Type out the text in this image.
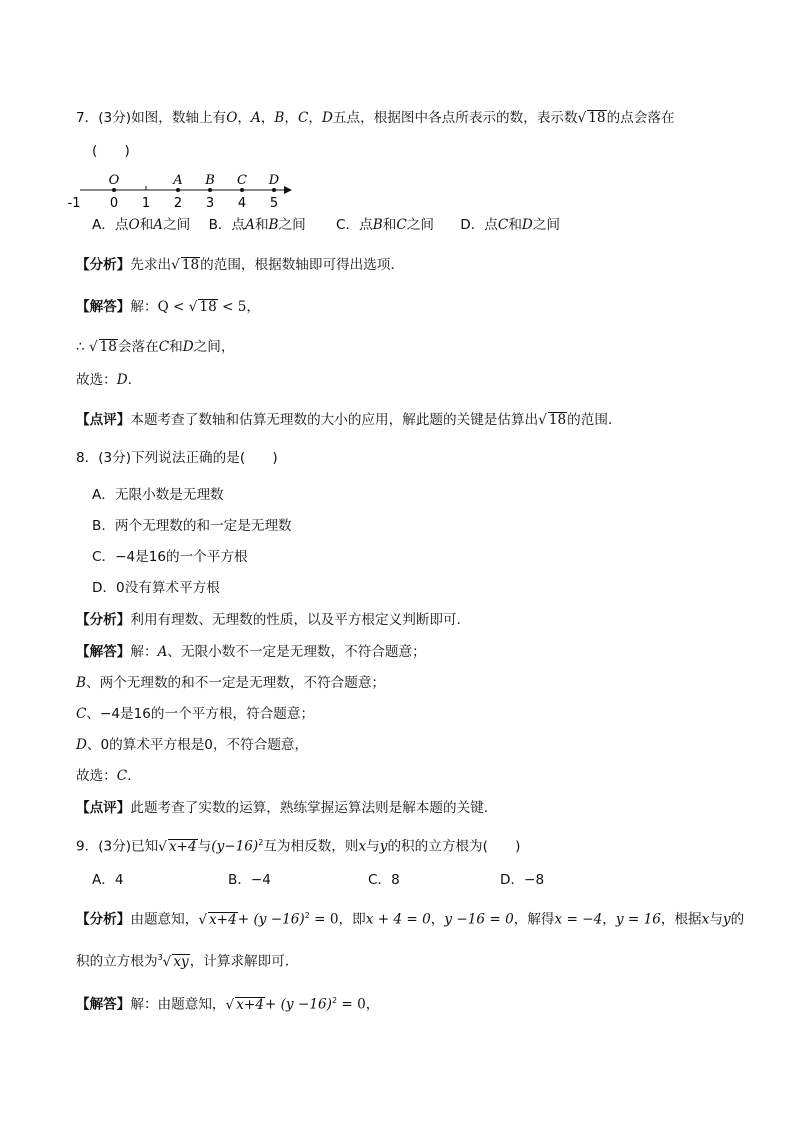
7．(3分)如图，数轴上有O，A，B，C，D五点，根据图中各点所表示的数，表示数√ 18的点会落在
(　　)
-1 0 1 2 3 4 5
O	A B C D
A．点O和A之间 B．点A和B之间 C．点B和C之间 D．点C和D之间
【分析】先求出√ 18的范围，根据数轴即可得出选项．
【解答】解：Q < √ 18 < 5，
∴ √ 18会落在C和D之间，
故选：D．
【点评】本题考查了数轴和估算无理数的大小的应用，解此题的关键是估算出√ 18的范围．
8．(3分)下列说法正确的是(　　)
A．无限小数是无理数
B．两个无理数的和一定是无理数
C．−4是16的一个平方根
D．0没有算术平方根
【分析】利用有理数、无理数的性质，以及平方根定义判断即可．
【解答】解：A、无限小数不一定是无理数，不符合题意；
B、两个无理数的和不一定是无理数，不符合题意；
C、−4是16的一个平方根，符合题意；
D、0的算术平方根是0，不符合题意，
故选：C．
【点评】此题考查了实数的运算，熟练掌握运算法则是解本题的关键．
9．(3分)已知√ x+4与$(y-16)^2$互为相反数，则x与y的积的立方根为(　　)
A．4	B．−4	C．8	D．−8
【分析】由题意知，√ $x+4+ (y -16)^2 = 0$，即x + 4 = 0，y −16 = 0，解得x = −4，y = 16，根据x与y的
积的立方根为$^3$√ xy，计算求解即可．
【解答】解：由题意知，√ $x+4+ (y -16)^2 = 0$，
